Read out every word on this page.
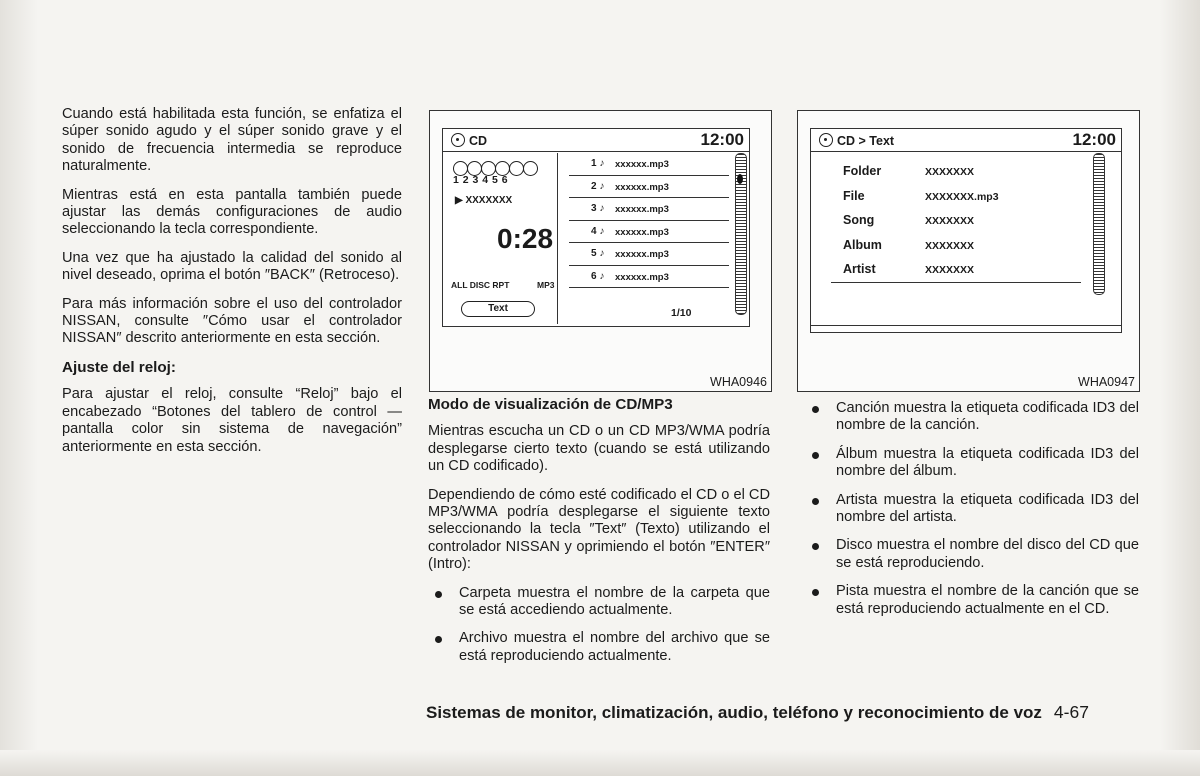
Cuando está habilitada esta función, se enfatiza el súper sonido agudo y el súper sonido grave y el sonido de frecuencia intermedia se reproduce naturalmente.

Mientras está en esta pantalla también puede ajustar las demás configuraciones de audio seleccionando la tecla correspondiente.

Una vez que ha ajustado la calidad del sonido al nivel deseado, oprima el botón ″BACK″ (Retroceso).

Para más información sobre el uso del controlador NISSAN, consulte ″Cómo usar el controlador NISSAN″ descrito anteriormente en esta sección.

Ajuste del reloj:

Para ajustar el reloj, consulte “Reloj” bajo el encabezado “Botones del tablero de control — pantalla color sin sistema de navegación” anteriormente en esta sección.

CD	12:00
1 2 3 4 5 6
▶ XXXXXXX
0:28
ALL DISC RPT	MP3
Text
1 ♪ xxxxxx.mp3
2 ♪ xxxxxx.mp3
3 ♪ xxxxxx.mp3
4 ♪ xxxxxx.mp3
5 ♪ xxxxxx.mp3
6 ♪ xxxxxx.mp3
1/10
WHA0946
CD > Text	12:00
Folder	XXXXXXX
File	XXXXXXX.mp3
Song	XXXXXXX
Album	XXXXXXX
Artist	XXXXXXX
WHA0947
Modo de visualización de CD/MP3

Mientras escucha un CD o un CD MP3/WMA podría desplegarse cierto texto (cuando se está utilizando un CD codificado).

Dependiendo de cómo esté codificado el CD o el CD MP3/WMA podría desplegarse el siguiente texto seleccionando la tecla ″Text″ (Texto) utilizando el controlador NISSAN y oprimiendo el botón ″ENTER″ (Intro):

Carpeta muestra el nombre de la carpeta que se está accediendo actualmente.
Archivo muestra el nombre del archivo que se está reproduciendo actualmente.
Canción muestra la etiqueta codificada ID3 del nombre de la canción.
Álbum muestra la etiqueta codificada ID3 del nombre del álbum.
Artista muestra la etiqueta codificada ID3 del nombre del artista.
Disco muestra el nombre del disco del CD que se está reproduciendo.
Pista muestra el nombre de la canción que se está reproduciendo actualmente en el CD.
Sistemas de monitor, climatización, audio, teléfono y reconocimiento de voz 4-67
